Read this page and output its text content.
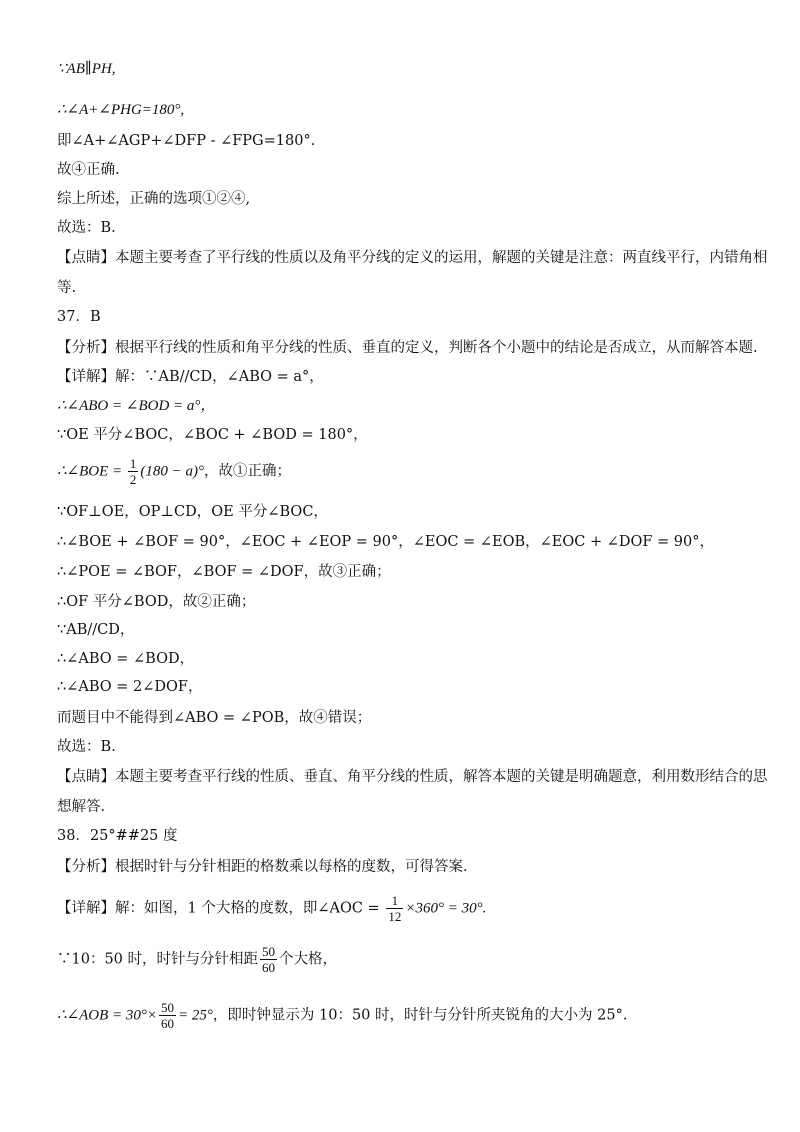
∵AB∥PH,
∴∠A+∠PHG=180°,
即∠A+∠AGP+∠DFP - ∠FPG=180°.
故④正确.
综上所述，正确的选项①②④,
故选：B.
【点睛】本题主要考查了平行线的性质以及角平分线的定义的运用，解题的关键是注意：两直线平行，内错角相
等.
37．B
【分析】根据平行线的性质和角平分线的性质、垂直的定义，判断各个小题中的结论是否成立，从而解答本题.
【详解】解：∵AB//CD，∠ABO = a°，
∴∠ABO = ∠BOD = a°，
∵OE 平分∠BOC，∠BOC + ∠BOD = 180°，
∴∠BOE = $\frac{1}{2} (180 - a)^\circ$，故①正确；
∵OF⊥OE，OP⊥CD，OE 平分∠BOC，
∴∠BOE + ∠BOF = 90°，∠EOC + ∠EOP = 90°，∠EOC = ∠EOB，∠EOC + ∠DOF = 90°，
∴∠POE = ∠BOF，∠BOF = ∠DOF，故③正确；
∴OF 平分∠BOD，故②正确；
∵AB//CD，
∴∠ABO = ∠BOD，
∴∠ABO = 2∠DOF，
而题目中不能得到∠ABO = ∠POB，故④错误；
故选：B.
【点睛】本题主要考查平行线的性质、垂直、角平分线的性质，解答本题的关键是明确题意，利用数形结合的思
想解答.
38．25°##25 度
【分析】根据时针与分针相距的格数乘以每格的度数，可得答案.
【详解】解：如图，1 个大格的度数，即∠AOC = $\frac{1}{12} \times 360^\circ = 30^\circ$.
∵10：50 时，时针与分针相距 $\frac{50}{60}$ 个大格，
∴∠AOB = $30^\circ\times \frac{50}{60} = 25^\circ$，即时钟显示为 10：50 时，时针与分针所夹锐角的大小为 25°.
